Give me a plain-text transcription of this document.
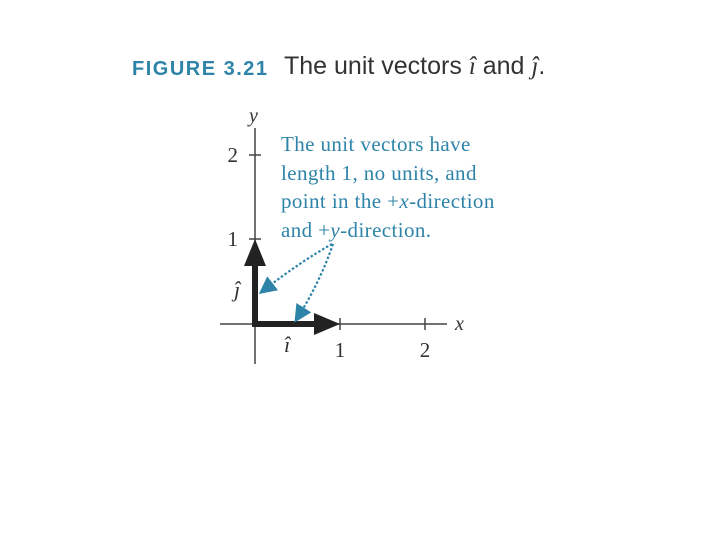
FIGURE 3.21 The unit vectors î and ĵ.
x
y
1	2
1
2
î
ĵ
The unit vectors have
length 1, no units, and
point in the +x-direction
and +y-direction.
